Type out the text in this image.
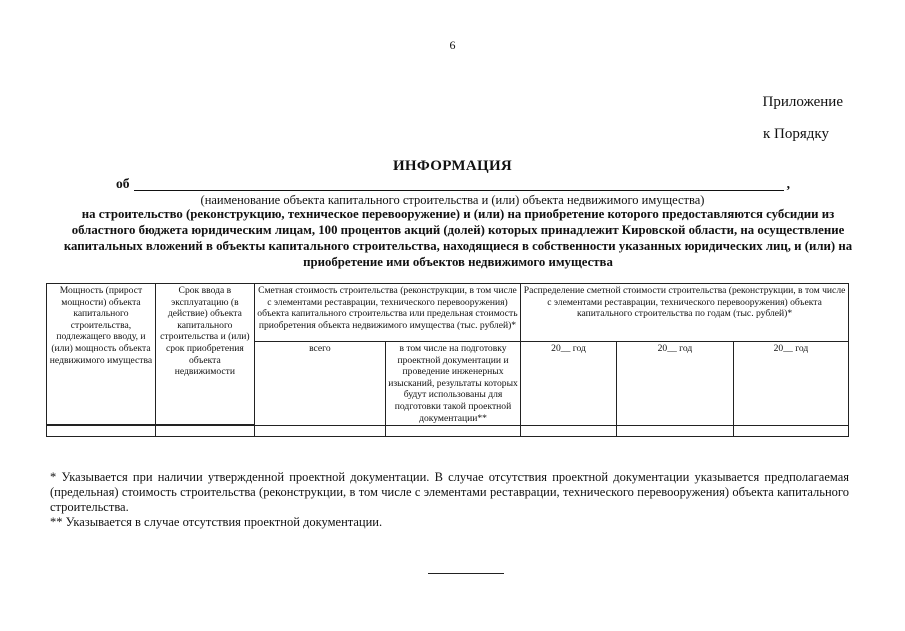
6
Приложение
к Порядку
ИНФОРМАЦИЯ
об	,
(наименование объекта капитального строительства и (или) объекта недвижимого имущества)
на строительство (реконструкцию, техническое перевооружение) и (или) на приобретение которого предоставляются субсидии из областного бюджета юридическим лицам, 100 процентов акций (долей) которых принадлежит Кировской области, на осуществление капитальных вложений в объекты капитального строительства, находящиеся в собственности указанных юридических лиц, и (или) на приобретение ими объектов недвижимого имущества
Мощность (прирост мощности) объекта капитального строительства, подлежащего вводу, и (или) мощность объекта недвижимого имущества	Срок ввода в эксплуатацию (в действие) объекта капитального строительства и (или) срок приобретения объекта недвижимости	Сметная стоимость строительства (реконструкции, в том числе с элементами реставрации, технического перевооружения) объекта капитального строительства или предельная стоимость приобретения объекта недвижимого имущества (тыс. рублей)*		Распределение сметной стоимости строительства (реконструкции, в том числе с элементами реставрации, технического перевооружения) объекта капитального строительства по годам (тыс. рублей)*		
		всего	в том числе на подготовку проектной документации и проведение инженерных изысканий, результаты которых будут использованы для подготовки такой проектной документации**	20__ год	20__ год	20__ год

* Указывается при наличии утвержденной проектной документации. В случае отсутствия проектной документации указывается предполагаемая (предельная) стоимость строительства (реконструкции, в том числе с элементами реставрации, технического перевооружения) объекта капитального строительства.

** Указывается в случае отсутствия проектной документации.
